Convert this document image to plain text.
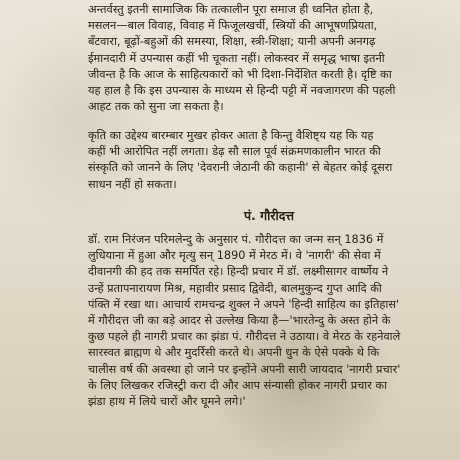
अन्तर्वस्तु इतनी सामाजिक कि तत्कालीन पूरा समाज ही ध्वनित होता है,
मसलन—बाल विवाह, विवाह में फिजूलखर्ची, स्त्रियों की आभूषणप्रियता,
बँटवारा, बूढ़ों-बहुओं की समस्या, शिक्षा, स्त्री-शिक्षा; यानी अपनी अनगढ़
ईमानदारी में उपन्यास कहीं भी चूकता नहीं। लोकस्वर में समृद्ध भाषा इतनी
जीवन्त है कि आज के साहित्यकारों को भी दिशा-निर्देशित करती है। दृष्टि का
यह हाल है कि इस उपन्यास के माध्यम से हिन्दी पट्टी में नवजागरण की पहली
आहट तक को सुना जा सकता है।

कृति का उद्देश्य बारम्बार मुखर होकर आता है किन्तु वैशिष्ट्य यह कि यह
कहीं भी आरोपित नहीं लगता। डेढ़ सौ साल पूर्व संक्रमणकालीन भारत की
संस्कृति को जानने के लिए 'देवरानी जेठानी की कहानी' से बेहतर कोई दूसरा
साधन नहीं हो सकता।

पं. गौरीदत्त

डॉ. राम निरंजन परिमलेन्दु के अनुसार पं. गौरीदत्त का जन्म सन् 1836 में
लुधियाना में हुआ और मृत्यु सन् 1890 में मेरठ में। वे 'नागरी' की सेवा में
दीवानगी की हद तक समर्पित रहे। हिन्दी प्रचार में डॉ. लक्ष्मीसागर वार्ष्णेय ने
उन्हें प्रतापनारायण मिश्र, महावीर प्रसाद द्विवेदी, बालमुकुन्द गुप्त आदि की
पंक्ति में रखा था। आचार्य रामचन्द्र शुक्ल ने अपने 'हिन्दी साहित्य का इतिहास'
में गौरीदत्त जी का बड़े आदर से उल्लेख किया है—'भारतेन्दु के अस्त होने के
कुछ पहले ही नागरी प्रचार का झंडा पं. गौरीदत्त ने उठाया। वे मेरठ के रहनेवाले
सारस्वत ब्राह्मण थे और मुदर्रिसी करते थे। अपनी धुन के ऐसे पक्के थे कि
चालीस वर्ष की अवस्था हो जाने पर इन्होंने अपनी सारी जायदाद 'नागरी प्रचार'
के लिए लिखकर रजिस्ट्री करा दी और आप संन्यासी होकर नागरी प्रचार का
झंडा हाथ में लिये चारों और घूमने लगे।'
